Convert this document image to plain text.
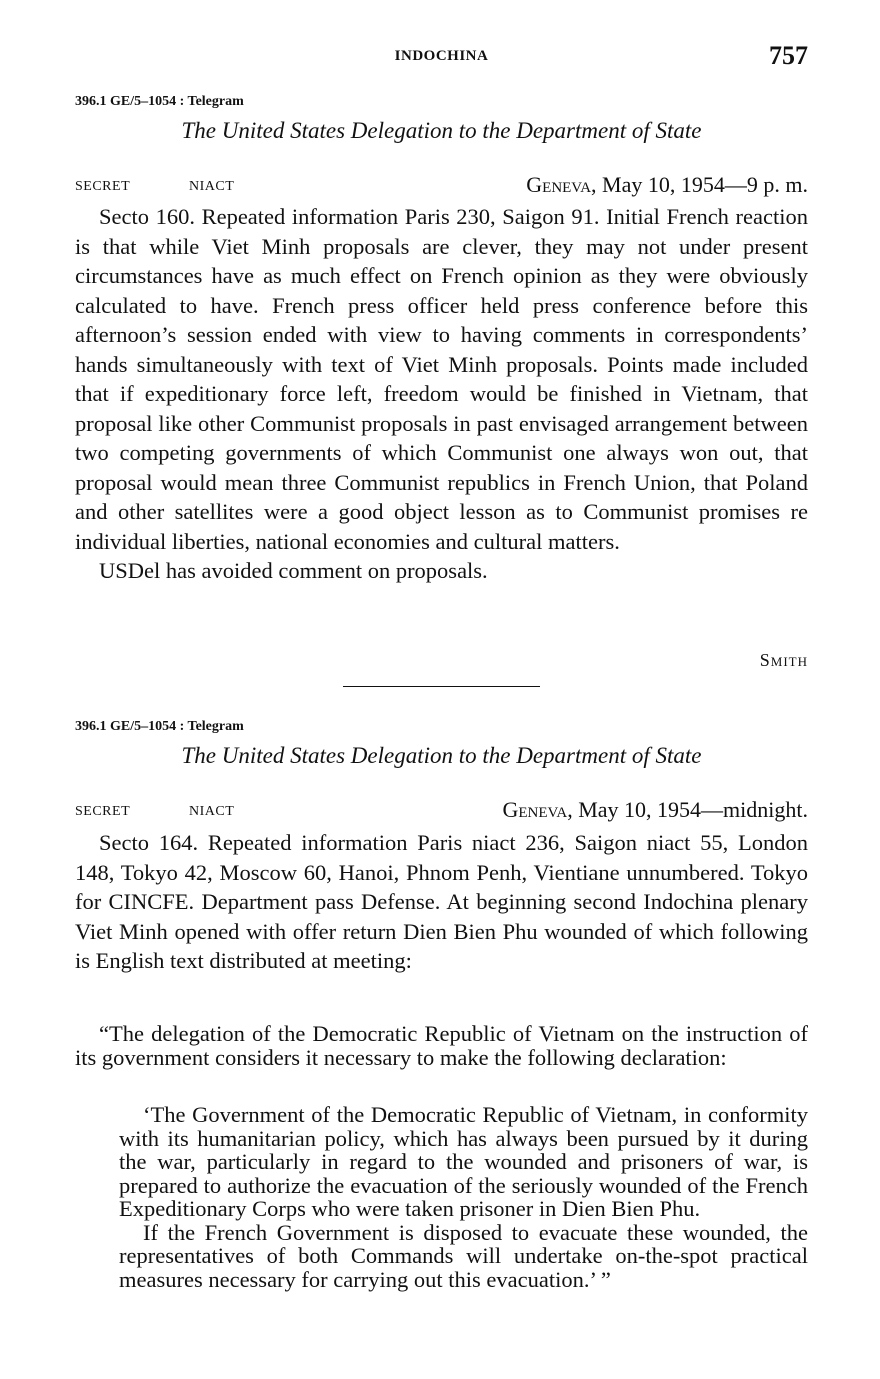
INDOCHINA	757
396.1 GE/5–1054 : Telegram
The United States Delegation to the Department of State
SECRET	NIACT	Geneva, May 10, 1954—9 p. m.

Secto 160. Repeated information Paris 230, Saigon 91. Initial French reaction is that while Viet Minh proposals are clever, they may not under present circumstances have as much effect on French opinion as they were obviously calculated to have. French press officer held press conference before this afternoon’s session ended with view to having comments in correspondents’ hands simultaneously with text of Viet Minh proposals. Points made included that if expeditionary force left, freedom would be finished in Vietnam, that proposal like other Communist proposals in past envisaged arrangement between two competing governments of which Communist one always won out, that proposal would mean three Communist republics in French Union, that Poland and other satellites were a good object lesson as to Communist promises re individual liberties, national economies and cultural matters.

USDel has avoided comment on proposals.

Smith
396.1 GE/5–1054 : Telegram
The United States Delegation to the Department of State
SECRET	NIACT	Geneva, May 10, 1954—midnight.

Secto 164. Repeated information Paris niact 236, Saigon niact 55, London 148, Tokyo 42, Moscow 60, Hanoi, Phnom Penh, Vientiane unnumbered. Tokyo for CINCFE. Department pass Defense. At beginning second Indochina plenary Viet Minh opened with offer return Dien Bien Phu wounded of which following is English text distributed at meeting:

“The delegation of the Democratic Republic of Vietnam on the instruction of its government considers it necessary to make the following declaration:

‘The Government of the Democratic Republic of Vietnam, in conformity with its humanitarian policy, which has always been pursued by it during the war, particularly in regard to the wounded and prisoners of war, is prepared to authorize the evacuation of the seriously wounded of the French Expeditionary Corps who were taken prisoner in Dien Bien Phu.

If the French Government is disposed to evacuate these wounded, the representatives of both Commands will undertake on-the-spot practical measures necessary for carrying out this evacuation.’ ”
